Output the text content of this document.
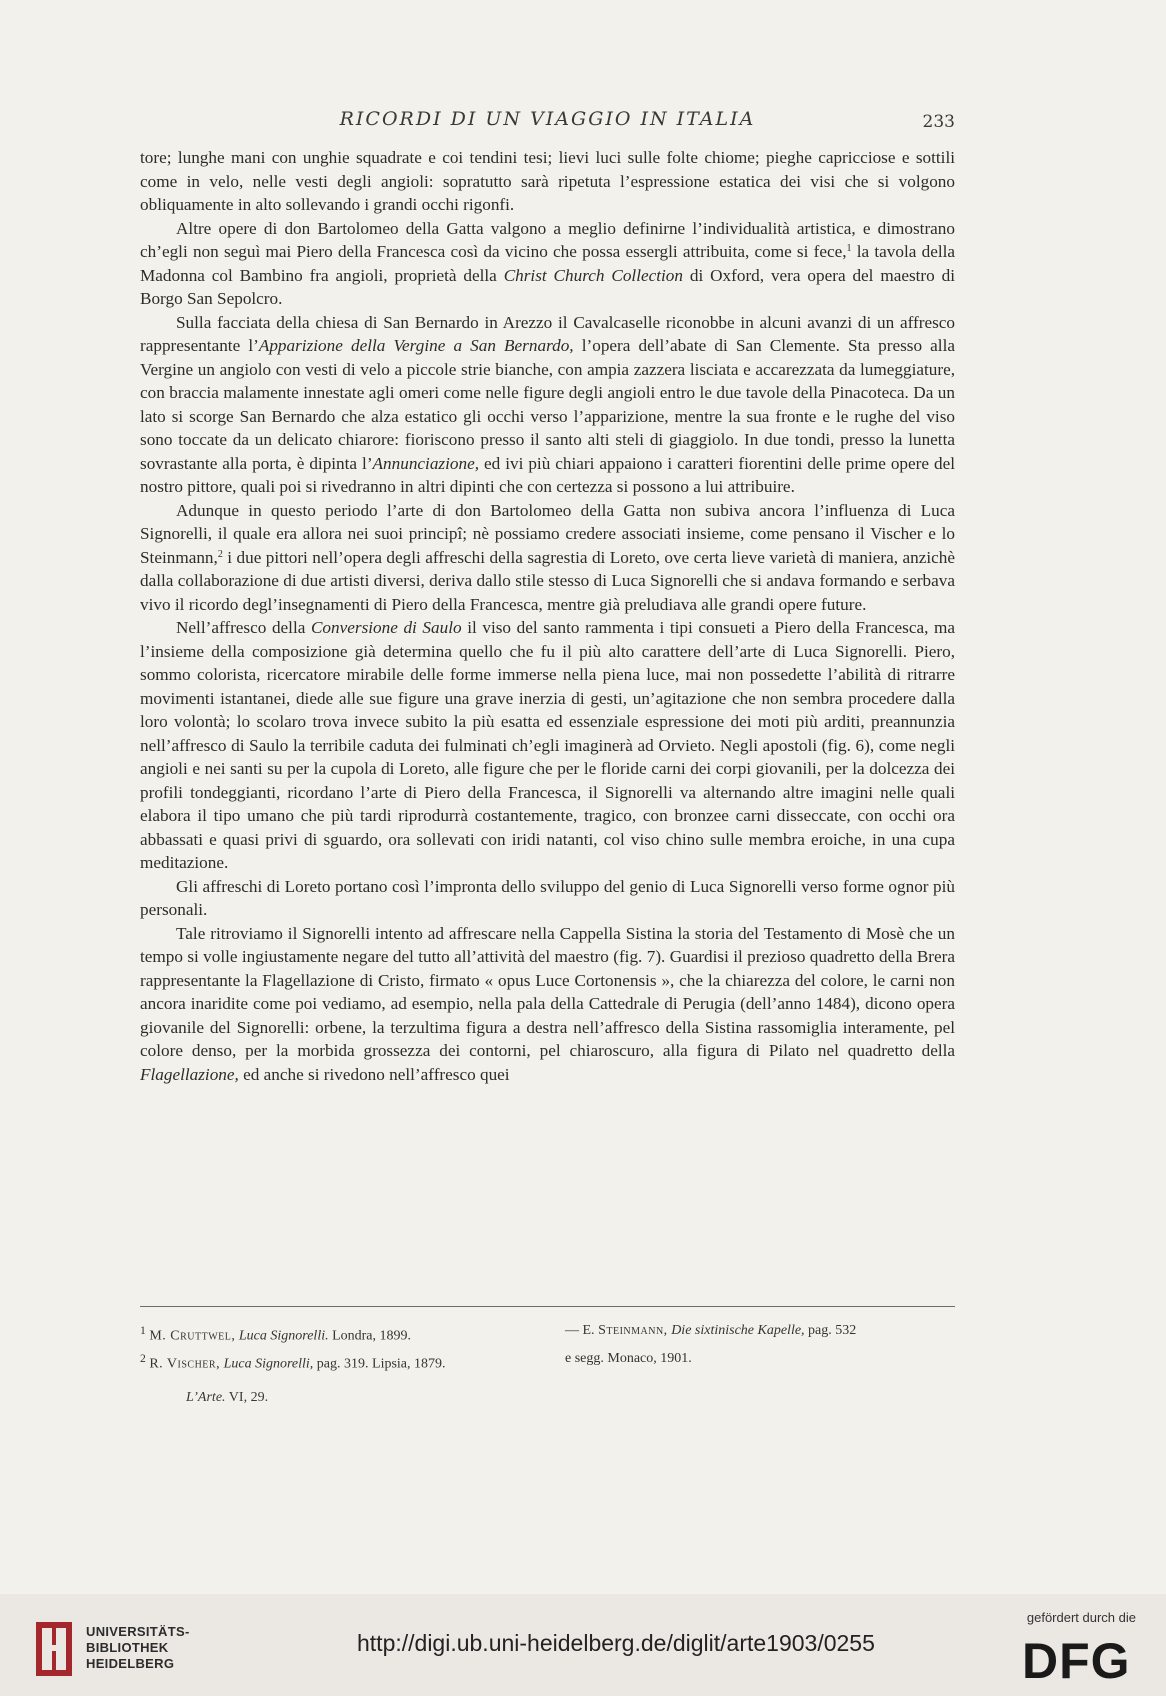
RICORDI DI UN VIAGGIO IN ITALIA	233

tore; lunghe mani con unghie squadrate e coi tendini tesi; lievi luci sulle folte chiome; pieghe capricciose e sottili come in velo, nelle vesti degli angioli: sopratutto sarà ripetuta l’espressione estatica dei visi che si volgono obliquamente in alto sollevando i grandi occhi rigonfi.

Altre opere di don Bartolomeo della Gatta valgono a meglio definirne l’individualità artistica, e dimostrano ch’egli non seguì mai Piero della Francesca così da vicino che possa essergli attribuita, come si fece,$^1$ la tavola della Madonna col Bambino fra angioli, proprietà della Christ Church Collection di Oxford, vera opera del maestro di Borgo San Sepolcro.

Sulla facciata della chiesa di San Bernardo in Arezzo il Cavalcaselle riconobbe in alcuni avanzi di un affresco rappresentante l’Apparizione della Vergine a San Bernardo, l’opera dell’abate di San Clemente. Sta presso alla Vergine un angiolo con vesti di velo a piccole strie bianche, con ampia zazzera lisciata e accarezzata da lumeggiature, con braccia malamente innestate agli omeri come nelle figure degli angioli entro le due tavole della Pinacoteca. Da un lato si scorge San Bernardo che alza estatico gli occhi verso l’apparizione, mentre la sua fronte e le rughe del viso sono toccate da un delicato chiarore: fioriscono presso il santo alti steli di giaggiolo. In due tondi, presso la lunetta sovrastante alla porta, è dipinta l’Annunciazione, ed ivi più chiari appaiono i caratteri fiorentini delle prime opere del nostro pittore, quali poi si rivedranno in altri dipinti che con certezza si possono a lui attribuire.

Adunque in questo periodo l’arte di don Bartolomeo della Gatta non subiva ancora l’influenza di Luca Signorelli, il quale era allora nei suoi principî; nè possiamo credere associati insieme, come pensano il Vischer e lo Steinmann,$^2$ i due pittori nell’opera degli affreschi della sagrestia di Loreto, ove certa lieve varietà di maniera, anzichè dalla collaborazione di due artisti diversi, deriva dallo stile stesso di Luca Signorelli che si andava formando e serbava vivo il ricordo degl’insegnamenti di Piero della Francesca, mentre già preludiava alle grandi opere future.

Nell’affresco della Conversione di Saulo il viso del santo rammenta i tipi consueti a Piero della Francesca, ma l’insieme della composizione già determina quello che fu il più alto carattere dell’arte di Luca Signorelli. Piero, sommo colorista, ricercatore mirabile delle forme immerse nella piena luce, mai non possedette l’abilità di ritrarre movimenti istantanei, diede alle sue figure una grave inerzia di gesti, un’agitazione che non sembra procedere dalla loro volontà; lo scolaro trova invece subito la più esatta ed essenziale espressione dei moti più arditi, preannunzia nell’affresco di Saulo la terribile caduta dei fulminati ch’egli imaginerà ad Orvieto. Negli apostoli (fig. 6), come negli angioli e nei santi su per la cupola di Loreto, alle figure che per le floride carni dei corpi giovanili, per la dolcezza dei profili tondeggianti, ricordano l’arte di Piero della Francesca, il Signorelli va alternando altre imagini nelle quali elabora il tipo umano che più tardi riprodurrà costantemente, tragico, con bronzee carni disseccate, con occhi ora abbassati e quasi privi di sguardo, ora sollevati con iridi natanti, col viso chino sulle membra eroiche, in una cupa meditazione.

Gli affreschi di Loreto portano così l’impronta dello sviluppo del genio di Luca Signorelli verso forme ognor più personali.

Tale ritroviamo il Signorelli intento ad affrescare nella Cappella Sistina la storia del Testamento di Mosè che un tempo si volle ingiustamente negare del tutto all’attività del maestro (fig. 7). Guardisi il prezioso quadretto della Brera rappresentante la Flagellazione di Cristo, firmato « opus Luce Cortonensis », che la chiarezza del colore, le carni non ancora inaridite come poi vediamo, ad esempio, nella pala della Cattedrale di Perugia (dell’anno 1484), dicono opera giovanile del Signorelli: orbene, la terzultima figura a destra nell’affresco della Sistina rassomiglia interamente, pel colore denso, per la morbida grossezza dei contorni, pel chiaroscuro, alla figura di Pilato nel quadretto della Flagellazione, ed anche si rivedono nell’affresco quei

$^1$ M. Cruttwel, Luca Signorelli. Londra, 1899.	— E. Steinmann, Die sixtinische Kapelle, pag. 532
$^2$ R. Vischer, Luca Signorelli, pag. 319. Lipsia, 1879.	e segg. Monaco, 1901.
L’Arte. VI, 29.
UNIVERSITÄTS-
BIBLIOTHEK
HEIDELBERG
http://digi.ub.uni-heidelberg.de/diglit/arte1903/0255
gefördert durch die
DFG
